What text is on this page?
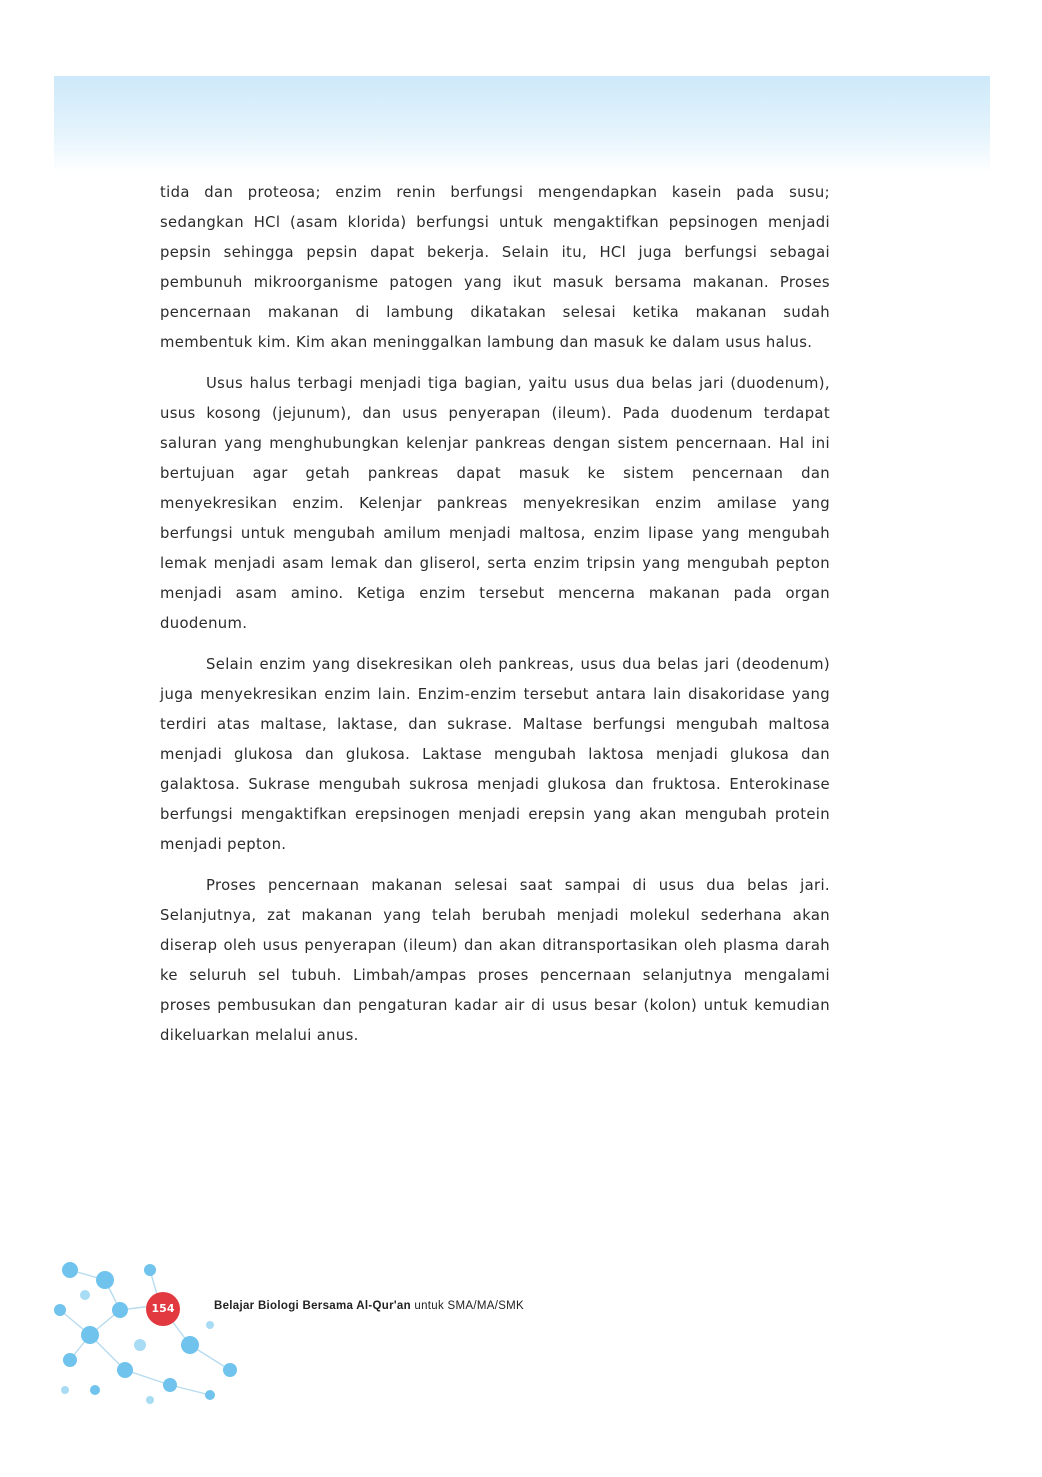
tida dan proteosa; enzim renin berfungsi mengendapkan kasein pada susu; sedangkan HCl (asam klorida) berfungsi untuk mengaktifkan pepsinogen menjadi pepsin sehingga pepsin dapat bekerja. Selain itu, HCl juga berfungsi sebagai pembunuh mikroorganisme patogen yang ikut masuk bersama makanan. Proses pencernaan makanan di lambung dikatakan selesai ketika makanan sudah membentuk kim. Kim akan meninggalkan lambung dan masuk ke dalam usus halus.

Usus halus terbagi menjadi tiga bagian, yaitu usus dua belas jari (duodenum), usus kosong (jejunum), dan usus penyerapan (ileum). Pada duodenum terdapat saluran yang menghubungkan kelenjar pankreas dengan sistem pencernaan. Hal ini bertujuan agar getah pankreas dapat masuk ke sistem pencernaan dan menyekresikan enzim. Kelenjar pankreas menyekresikan enzim amilase yang berfungsi untuk mengubah amilum menjadi maltosa, enzim lipase yang mengubah lemak menjadi asam lemak dan gliserol, serta enzim tripsin yang mengubah pepton menjadi asam amino. Ketiga enzim tersebut mencerna makanan pada organ duodenum.

Selain enzim yang disekresikan oleh pankreas, usus dua belas jari (deodenum) juga menyekresikan enzim lain. Enzim-enzim tersebut antara lain disakoridase yang terdiri atas maltase, laktase, dan sukrase. Maltase berfungsi mengubah maltosa menjadi glukosa dan glukosa. Laktase mengubah laktosa menjadi glukosa dan galaktosa. Sukrase mengubah sukrosa menjadi glukosa dan fruktosa. Enterokinase berfungsi mengaktifkan erepsinogen menjadi erepsin yang akan mengubah protein menjadi pepton.

Proses pencernaan makanan selesai saat sampai di usus dua belas jari. Selanjutnya, zat makanan yang telah berubah menjadi molekul sederhana akan diserap oleh usus penyerapan (ileum) dan akan ditransportasikan oleh plasma darah ke seluruh sel tubuh. Limbah/ampas proses pencernaan selanjutnya mengalami proses pembusukan dan pengaturan kadar air di usus besar (kolon) untuk kemudian dikeluarkan melalui anus.

154	Belajar Biologi Bersama Al-Qur'an untuk SMA/MA/SMK
